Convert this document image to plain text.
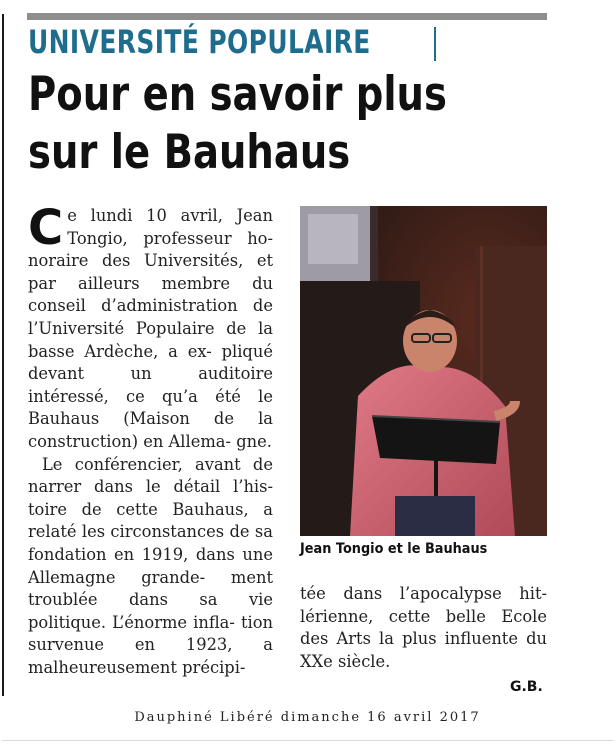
UNIVERSITÉ POPULAIRE
Pour en savoir plus
sur le Bauhaus

Ce lundi 10 avril, Jean Tongio, professeur ho- noraire des Universités, et par ailleurs membre du conseil d’administration de l’Université Populaire de la basse Ardèche, a ex- pliqué devant un auditoire intéressé, ce qu’a été le Bauhaus (Maison de la construction) en Allema- gne.

Le conférencier, avant de narrer dans le détail l’his- toire de cette Bauhaus, a relaté les circonstances de sa fondation en 1919, dans une Allemagne grande- ment troublée dans sa vie politique. L’énorme infla- tion survenue en 1923, a malheureusement précipi-

Jean Tongio et le Bauhaus

tée dans l’apocalypse hit- lérienne, cette belle Ecole des Arts la plus influente du XXe siècle.

G.B.
Dauphiné Libéré dimanche 16 avril 2017
